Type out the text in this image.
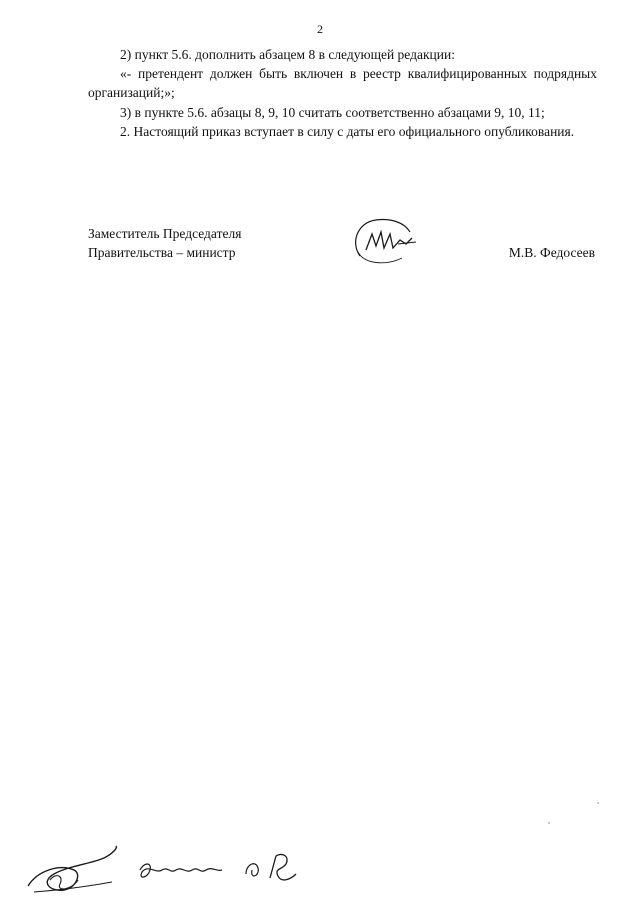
2

2) пункт 5.6. дополнить абзацем 8 в следующей редакции:

«- претендент должен быть включен в реестр квалифицированных подрядных организаций;»;

3) в пункте 5.6. абзацы 8, 9, 10 считать соответственно абзацами 9, 10, 11;

2. Настоящий приказ вступает в силу с даты его официального опубликования.

Заместитель Председателя
Правительства – министр	М.В. Федосеев
